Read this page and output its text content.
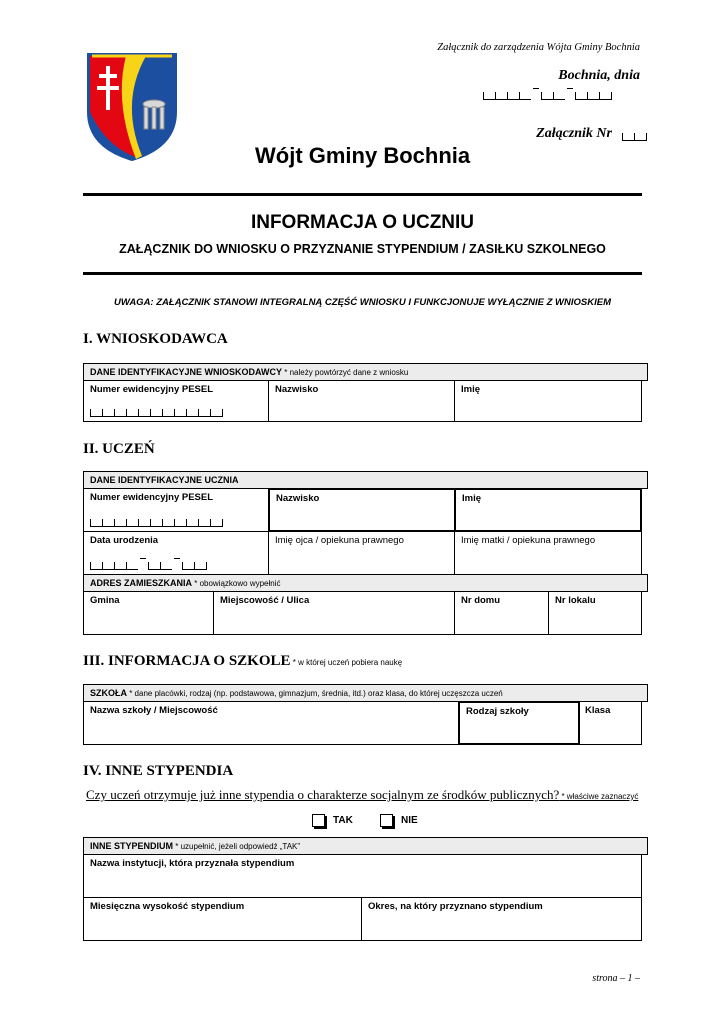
Załącznik do zarządzenia Wójta Gminy Bochnia
Bochnia, dnia
Załącznik Nr
Wójt Gminy Bochnia
INFORMACJA O UCZNIU
ZAŁĄCZNIK DO WNIOSKU O PRZYZNANIE STYPENDIUM / ZASIŁKU SZKOLNEGO
UWAGA: ZAŁĄCZNIK STANOWI INTEGRALNĄ CZĘŚĆ WNIOSKU I FUNKCJONUJE WYŁĄCZNIE Z WNIOSKIEM
I. WNIOSKODAWCA
DANE IDENTYFIKACYJNE WNIOSKODAWCY * należy powtórzyć dane z wniosku
Numer ewidencyjny PESEL	Nazwisko	Imię
II. UCZEŃ
DANE IDENTYFIKACYJNE UCZNIA
Numer ewidencyjny PESEL	Nazwisko	Imię
Data urodzenia	Imię ojca / opiekuna prawnego	Imię matki / opiekuna prawnego
ADRES ZAMIESZKANIA * obowiązkowo wypełnić
Gmina	Miejscowość / Ulica	Nr domu	Nr lokalu
III. INFORMACJA O SZKOLE * w której uczeń pobiera naukę
SZKOŁA * dane placówki, rodzaj (np. podstawowa, gimnazjum, średnia, itd.) oraz klasa, do której uczęszcza uczeń
Nazwa szkoły / Miejscowość	Rodzaj szkoły	Klasa
IV. INNE STYPENDIA
Czy uczeń otrzymuje już inne stypendia o charakterze socjalnym ze środków publicznych? * właściwe zaznaczyć
TAK	NIE
INNE STYPENDIUM * uzupełnić, jeżeli odpowiedź „TAK”
Nazwa instytucji, która przyznała stypendium
Miesięczna wysokość stypendium	Okres, na który przyznano stypendium
strona – 1 –
